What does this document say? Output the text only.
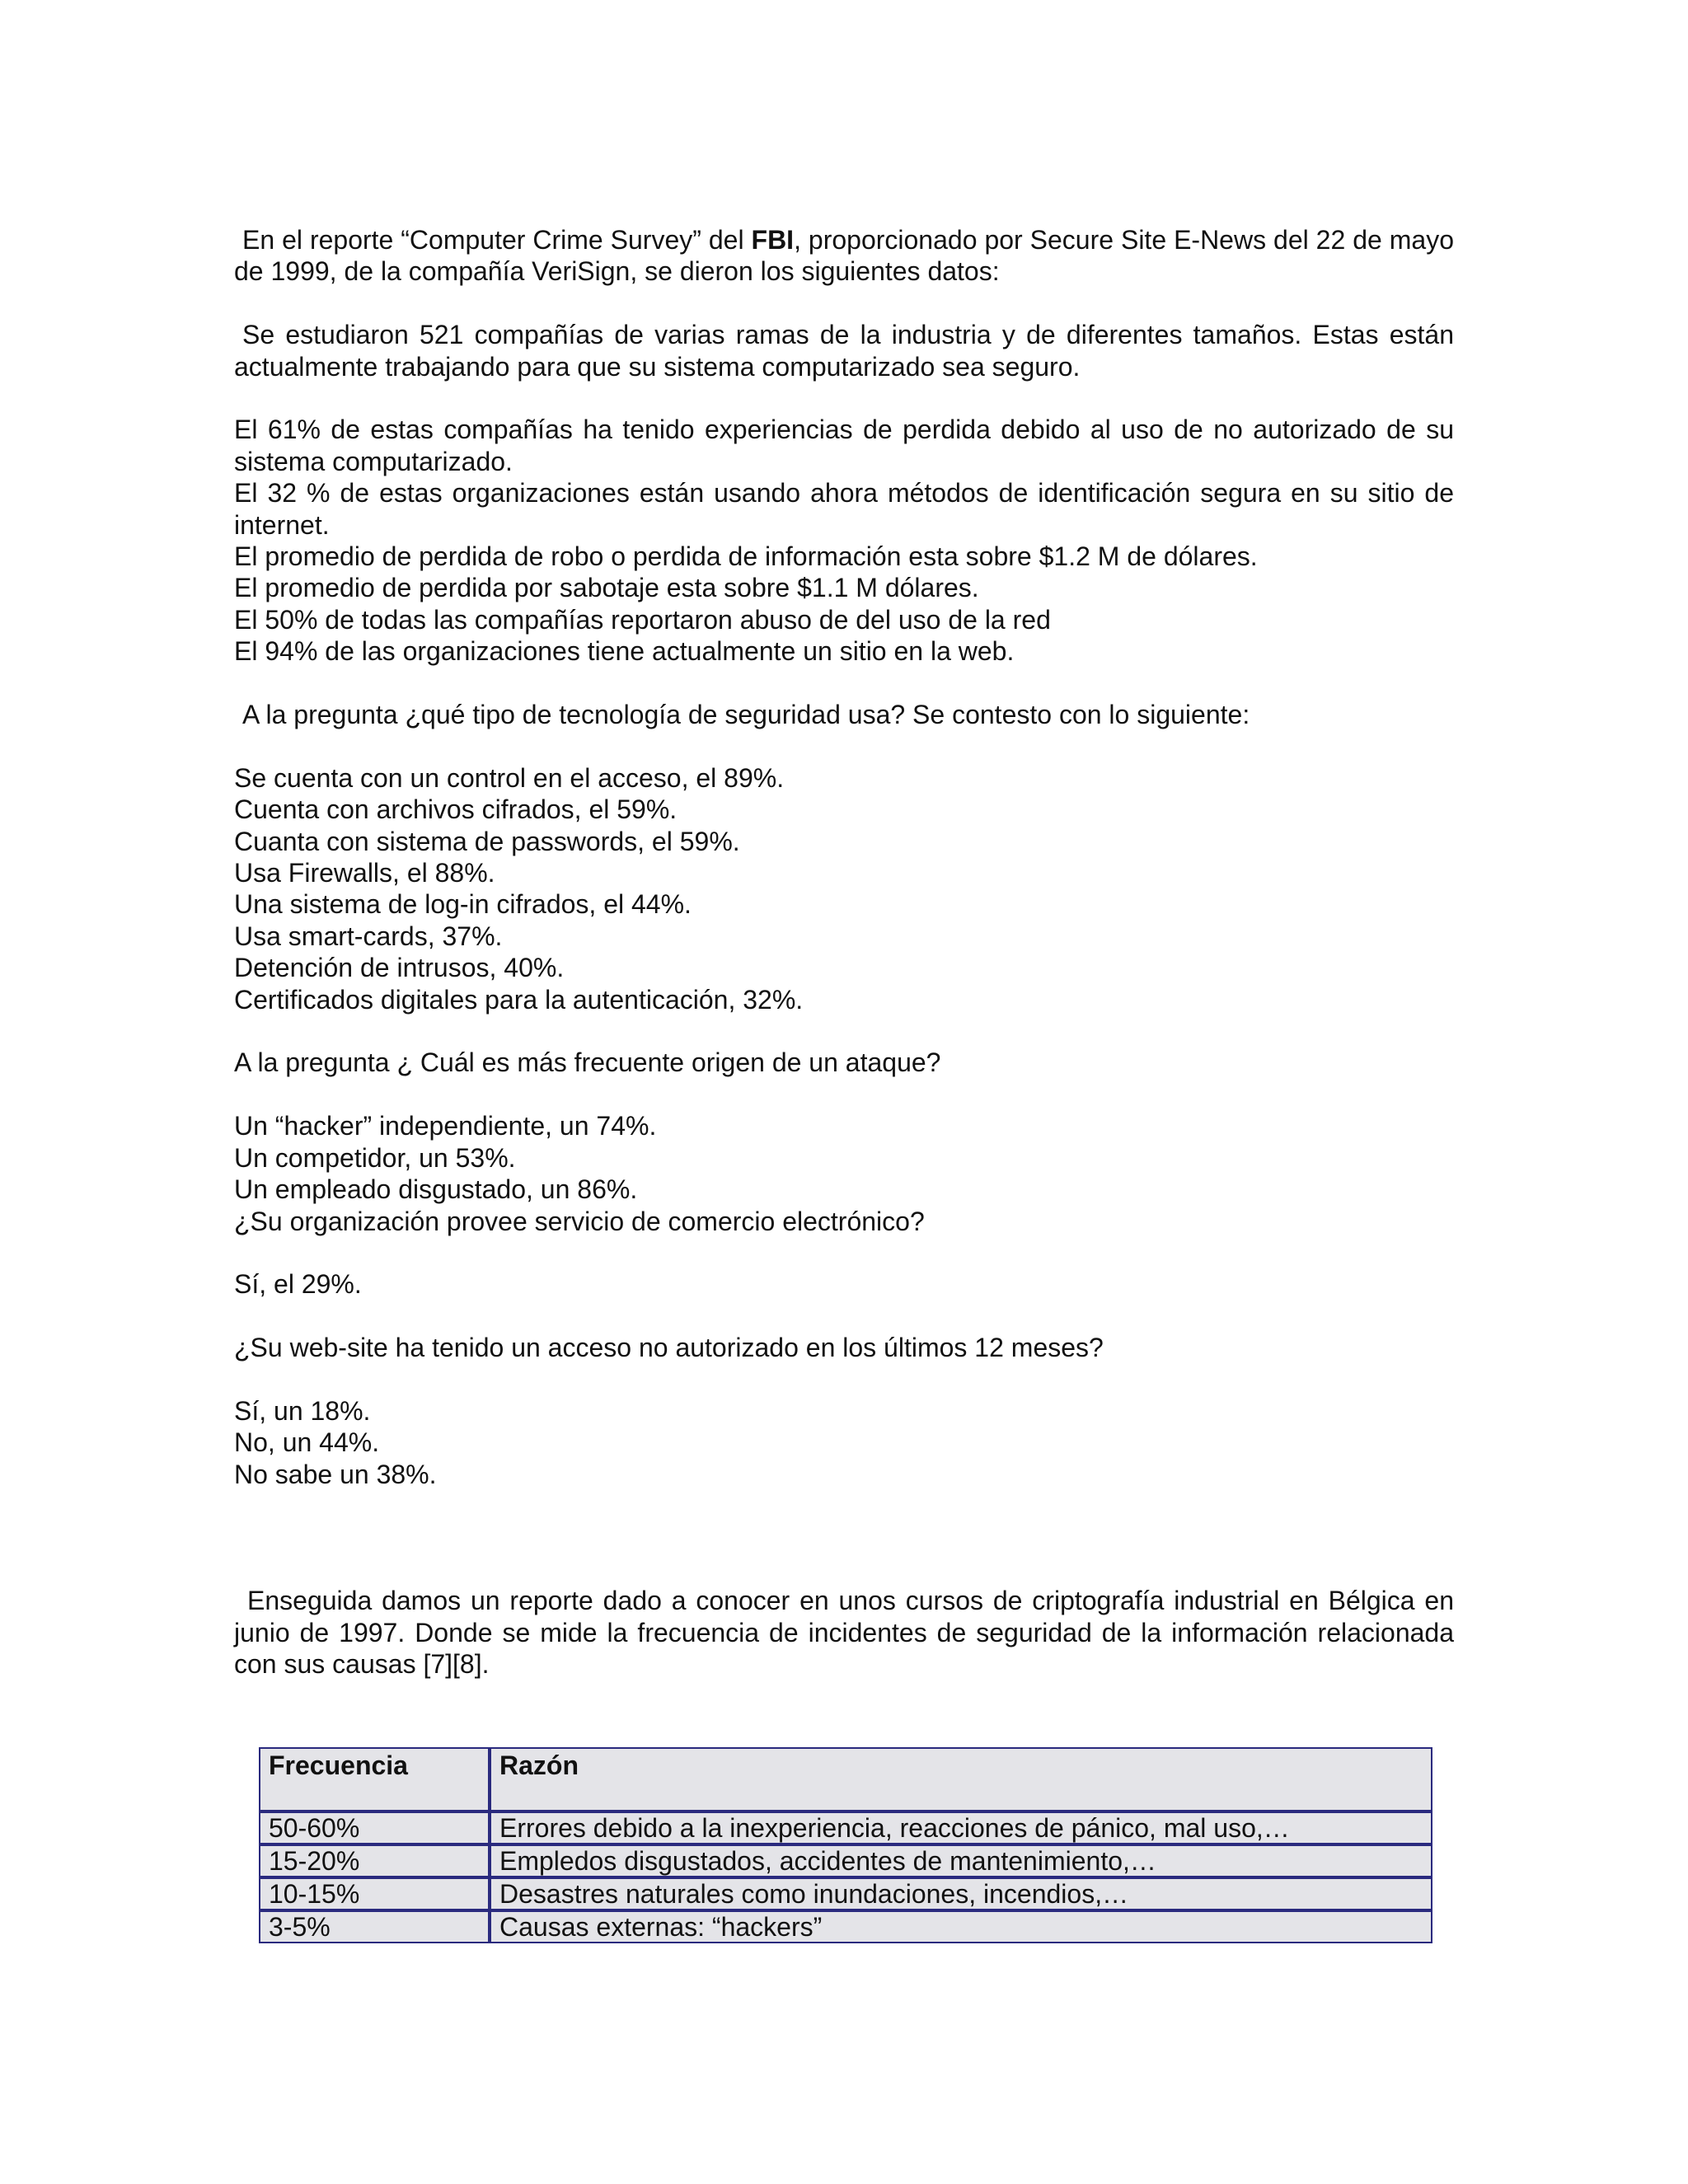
En el reporte “Computer Crime Survey” del FBI, proporcionado por Secure Site E-News del 22 de mayo de 1999, de la compañía VeriSign, se dieron los siguientes datos:

Se estudiaron 521 compañías de varias ramas de la industria y de diferentes tamaños. Estas están actualmente trabajando para que su sistema computarizado sea seguro.

El 61% de estas compañías ha tenido experiencias de perdida debido al uso de no autorizado de su sistema computarizado.

El 32 % de estas organizaciones están usando ahora métodos de identificación segura en su sitio de internet.

El promedio de perdida de robo o perdida de información esta sobre $1.2 M de dólares.

El promedio de perdida por sabotaje esta sobre $1.1 M dólares.

El 50% de todas las compañías reportaron abuso de del uso de la red

El 94% de las organizaciones tiene actualmente un sitio en la web.

A la pregunta ¿qué tipo de tecnología de seguridad usa? Se contesto con lo siguiente:

Se cuenta con un control en el acceso, el 89%.

Cuenta con archivos cifrados, el 59%.

Cuanta con sistema de passwords, el 59%.

Usa Firewalls, el 88%.

Una sistema de log-in cifrados, el 44%.

Usa smart-cards, 37%.

Detención de intrusos, 40%.

Certificados digitales para la autenticación, 32%.

A la pregunta ¿ Cuál es más frecuente origen de un ataque?

Un “hacker” independiente, un 74%.

Un competidor, un 53%.

Un empleado disgustado, un 86%.

¿Su organización provee servicio de comercio electrónico?

Sí, el 29%.

¿Su web-site ha tenido un acceso no autorizado en los últimos 12 meses?

Sí, un 18%.

No, un 44%.

No sabe un 38%.

Enseguida damos un reporte dado a conocer en unos cursos de criptografía industrial en Bélgica en junio de 1997. Donde se mide la frecuencia de incidentes de seguridad de la información relacionada con sus causas [7][8].

Frecuencia	Razón
50-60%	Errores debido a la inexperiencia, reacciones de pánico, mal uso,…
15-20%	Empledos disgustados, accidentes de mantenimiento,…
10-15%	Desastres naturales como inundaciones, incendios,…
3-5%	Causas externas: “hackers”
